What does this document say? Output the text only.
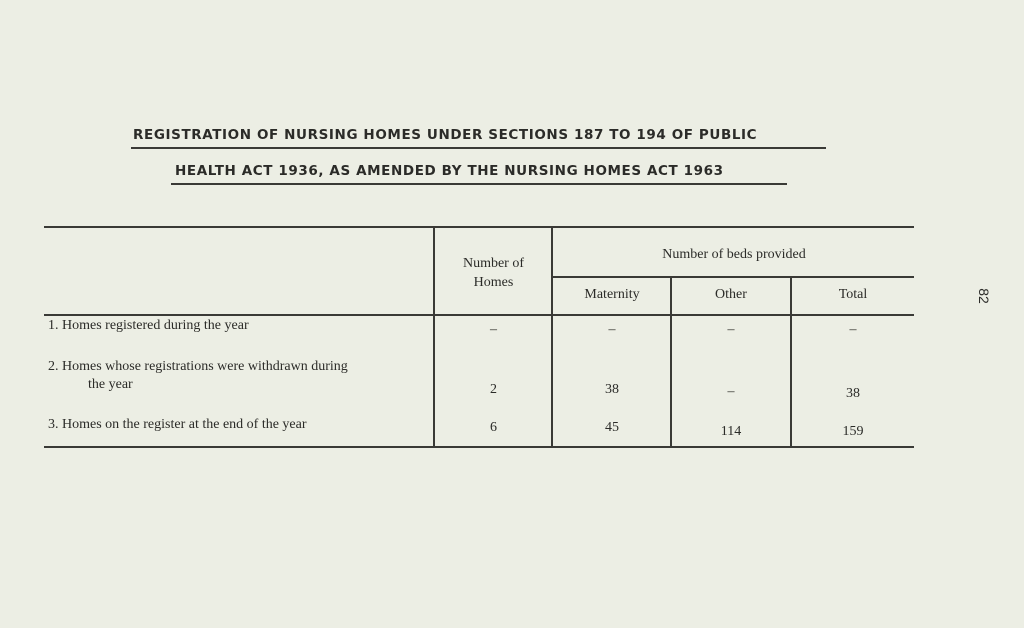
REGISTRATION OF NURSING HOMES UNDER SECTIONS 187 TO 194 OF PUBLIC
HEALTH ACT 1936, AS AMENDED BY THE NURSING HOMES ACT 1963
82
Number of
Homes
Number of beds provided
Maternity	Other	Total
1. Homes registered during the year	–	–	–	–
2. Homes whose registrations were withdrawn during
the year	2	38	–	38
3. Homes on the register at the end of the year	6	45	114	159
